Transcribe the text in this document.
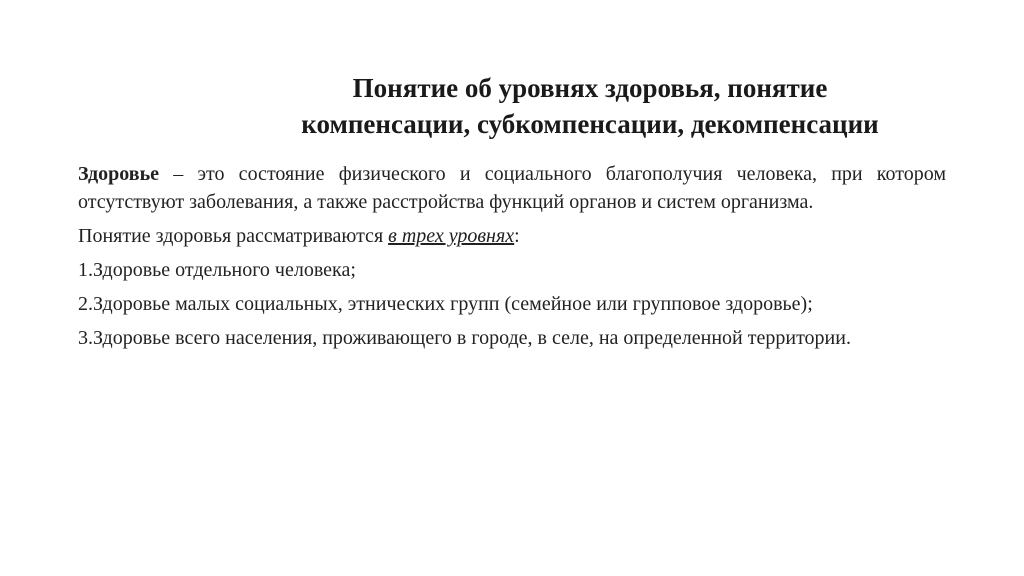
Понятие об уровнях здоровья, понятие
компенсации, субкомпенсации, декомпенсации

Здоровье – это состояние физического и социального благополучия человека, при котором отсутствуют заболевания, а также расстройства функций органов и систем организма.

Понятие здоровья рассматриваются в трех уровнях:

1.Здоровье отдельного человека;

2.Здоровье малых социальных, этнических групп (семейное или групповое здоровье);

3.Здоровье всего населения, проживающего в городе, в селе, на определенной территории.
